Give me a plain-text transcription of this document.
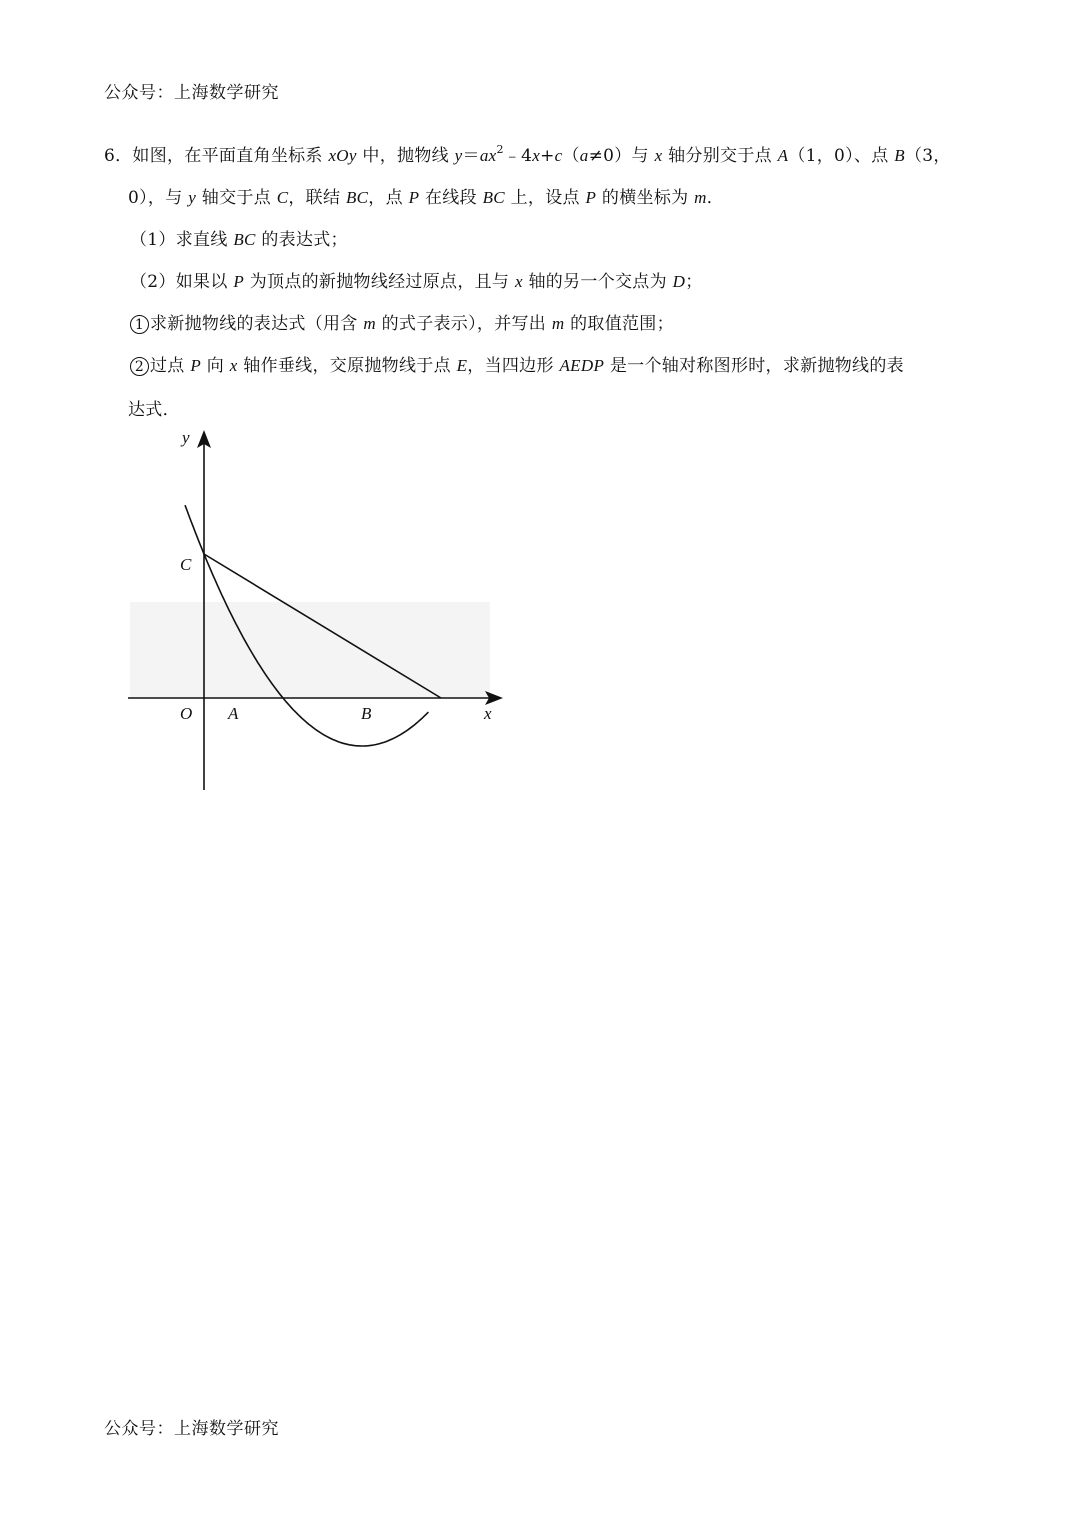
公众号：上海数学研究
6．如图，在平面直角坐标系 xOy 中，抛物线 $y=ax^2﹣4x+c(a\ne 0)$与 x 轴分别交于点 A（1，0）、点 B（3，
0），与 y 轴交于点 C，联结 BC，点 P 在线段 BC 上，设点 P 的横坐标为 m．
（1）求直线 BC 的表达式；
（2）如果以 P 为顶点的新抛物线经过原点，且与 x 轴的另一个交点为 D；
1 求新抛物线的表达式（用含 m 的式子表示），并写出 m 的取值范围；
2 过点 P 向 x 轴作垂线，交原抛物线于点 E，当四边形 AEDP 是一个轴对称图形时，求新抛物线的表
达式．
y
x
C
O A	B
公众号：上海数学研究
